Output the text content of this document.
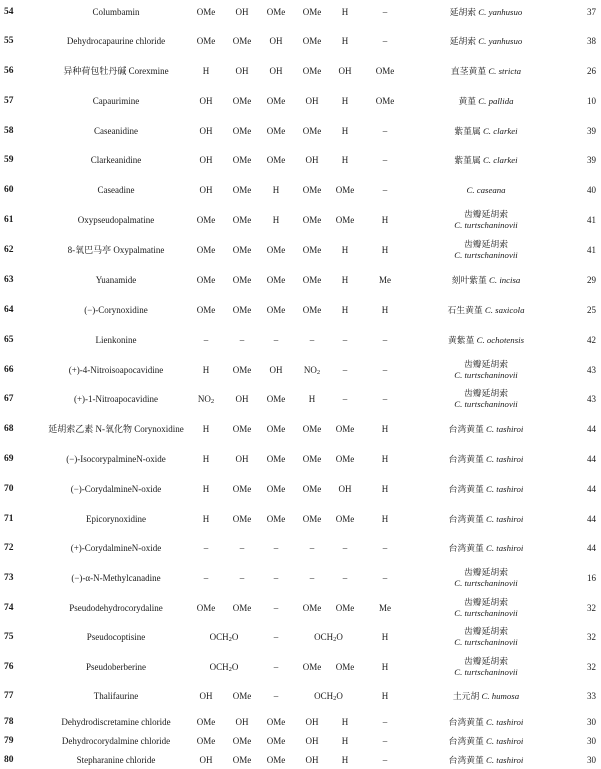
54	Columbamin	OMe	OH	OMe	OMe	H	–	延胡索 C. yanhusuo	37
55	Dehydrocapaurine chloride	OMe	OMe	OH	OMe	H	–	延胡索 C. yanhusuo	38
56	异种荷包牡丹碱 Corexmine	H	OH	OH	OMe	OH	OMe	直茎黄堇 C. stricta	26
57	Capaurimine	OH	OMe	OMe	OH	H	OMe	黄堇 C. pallida	10
58	Caseanidine	OH	OMe	OMe	OMe	H	–	紫堇属 C. clarkei	39
59	Clarkeanidine	OH	OMe	OMe	OH	H	–	紫堇属 C. clarkei	39
60	Caseadine	OH	OMe	H	OMe	OMe	–	C. caseana	40
61	Oxypseudopalmatine	OMe	OMe	H	OMe	OMe	H
齿瓣延胡索
C. turtschaninovii	41
62	8-氧巴马亭 Oxypalmatine	OMe	OMe	OMe	OMe	H	H
齿瓣延胡索
C. turtschaninovii	41
63	Yuanamide	OMe	OMe	OMe	OMe	H	Me	刻叶紫堇 C. incisa	29
64	(−)-Corynoxidine	OMe	OMe	OMe	OMe	H	H	石生黄堇 C. saxicola	25
65	Lienkonine	–	–	–	–	–	–	黄紫堇 C. ochotensis	42
66	(+)-4-Nitroisoapocavidine	H	OMe	OH	$NO_2$	–	–
齿瓣延胡索
C. turtschaninovii	43
67	(+)-1-Nitroapocavidine	$NO_2$	OH	OMe	H	–	–
齿瓣延胡索
C. turtschaninovii	43
68	延胡索乙素 N-氧化物 Corynoxidine	H	OMe	OMe	OMe	OMe	H	台湾黄堇 C. tashiroi	44
69	(−)-IsocorypalmineN-oxide	H	OH	OMe	OMe	OMe	H	台湾黄堇 C. tashiroi	44
70	(−)-CorydalmineN-oxide	H	OMe	OMe	OMe	OH	H	台湾黄堇 C. tashiroi	44
71	Epicorynoxidine	H	OMe	OMe	OMe	OMe	H	台湾黄堇 C. tashiroi	44
72	(+)-CorydalmineN-oxide	–	–	–	–	–	–	台湾黄堇 C. tashiroi	44
73	(−)-α-N-Methylcanadine	–	–	–	–	–	–
齿瓣延胡索
C. turtschaninovii	16
74	Pseudodehydrocorydaline	OMe	OMe	–	OMe	OMe	Me
齿瓣延胡索
C. turtschaninovii	32
75	Pseudocoptisine	$OCH_2O$	–	$OCH_2O$	H
齿瓣延胡索
C. turtschaninovii	32
76	Pseudoberberine	$OCH_2O$	–	OMe	OMe	H
齿瓣延胡索
C. turtschaninovii	32
77	Thalifaurine	OH	OMe	–	$OCH_2O$	H	土元胡 C. humosa	33
78	Dehydrodiscretamine chloride	OMe	OH	OMe	OH	H	–	台湾黄堇 C. tashiroi	30
79	Dehydrocorydalmine chloride	OMe	OMe	OMe	OH	H	–	台湾黄堇 C. tashiroi	30
80	Stepharanine chloride	OH	OMe	OMe	OH	H	–	台湾黄堇 C. tashiroi	30
